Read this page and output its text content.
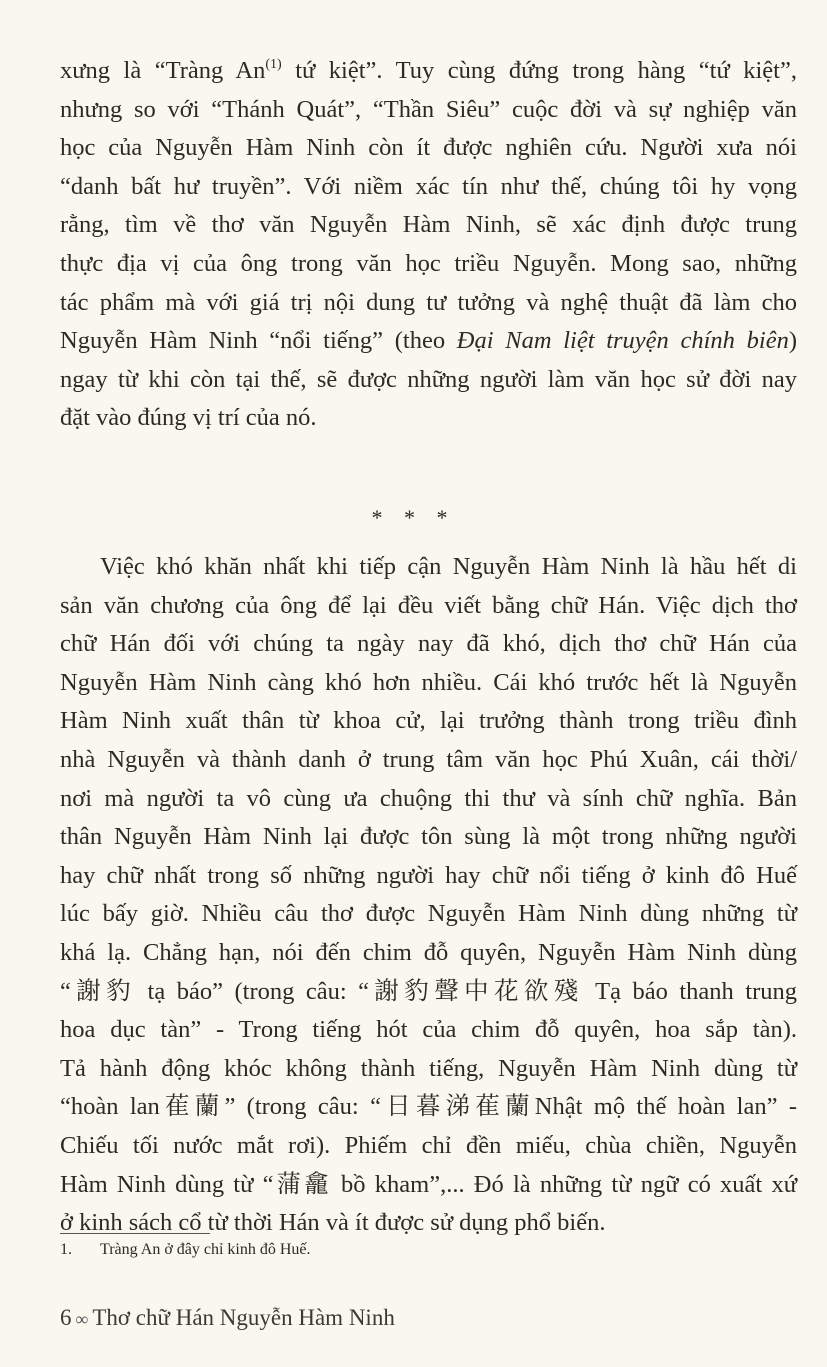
xưng là “Tràng An$^{(1)}$ tứ kiệt”. Tuy cùng đứng trong hàng “tứ kiệt”,
nhưng so với “Thánh Quát”, “Thần Siêu” cuộc đời và sự nghiệp văn
học của Nguyễn Hàm Ninh còn ít được nghiên cứu. Người xưa nói
“danh bất hư truyền”. Với niềm xác tín như thế, chúng tôi hy vọng
rằng, tìm về thơ văn Nguyễn Hàm Ninh, sẽ xác định được trung
thực địa vị của ông trong văn học triều Nguyễn. Mong sao, những
tác phẩm mà với giá trị nội dung tư tưởng và nghệ thuật đã làm cho
Nguyễn Hàm Ninh “nổi tiếng” (theo Đại Nam liệt truyện chính biên)
ngay từ khi còn tại thế, sẽ được những người làm văn học sử đời nay
đặt vào đúng vị trí của nó.
* * *
Việc khó khăn nhất khi tiếp cận Nguyễn Hàm Ninh là hầu hết di
sản văn chương của ông để lại đều viết bằng chữ Hán. Việc dịch thơ
chữ Hán đối với chúng ta ngày nay đã khó, dịch thơ chữ Hán của
Nguyễn Hàm Ninh càng khó hơn nhiều. Cái khó trước hết là Nguyễn
Hàm Ninh xuất thân từ khoa cử, lại trưởng thành trong triều đình
nhà Nguyễn và thành danh ở trung tâm văn học Phú Xuân, cái thời/
nơi mà người ta vô cùng ưa chuộng thi thư và sính chữ nghĩa. Bản
thân Nguyễn Hàm Ninh lại được tôn sùng là một trong những người
hay chữ nhất trong số những người hay chữ nổi tiếng ở kinh đô Huế
lúc bấy giờ. Nhiều câu thơ được Nguyễn Hàm Ninh dùng những từ
khá lạ. Chẳng hạn, nói đến chim đỗ quyên, Nguyễn Hàm Ninh dùng
“謝豹 tạ báo” (trong câu: “謝豹聲中花欲殘 Tạ báo thanh trung
hoa dục tàn” - Trong tiếng hót của chim đỗ quyên, hoa sắp tàn).
Tả hành động khóc không thành tiếng, Nguyễn Hàm Ninh dùng từ
“hoàn lan萑蘭” (trong câu: “日暮涕萑蘭Nhật mộ thế hoàn lan” -
Chiếu tối nước mắt rơi). Phiếm chỉ đền miếu, chùa chiền, Nguyễn
Hàm Ninh dùng từ “蒲龕 bồ kham”,... Đó là những từ ngữ có xuất xứ
ở kinh sách cổ từ thời Hán và ít được sử dụng phổ biến.
1. Tràng An ở đây chỉ kinh đô Huế.
6 ∞ Thơ chữ Hán Nguyễn Hàm Ninh
